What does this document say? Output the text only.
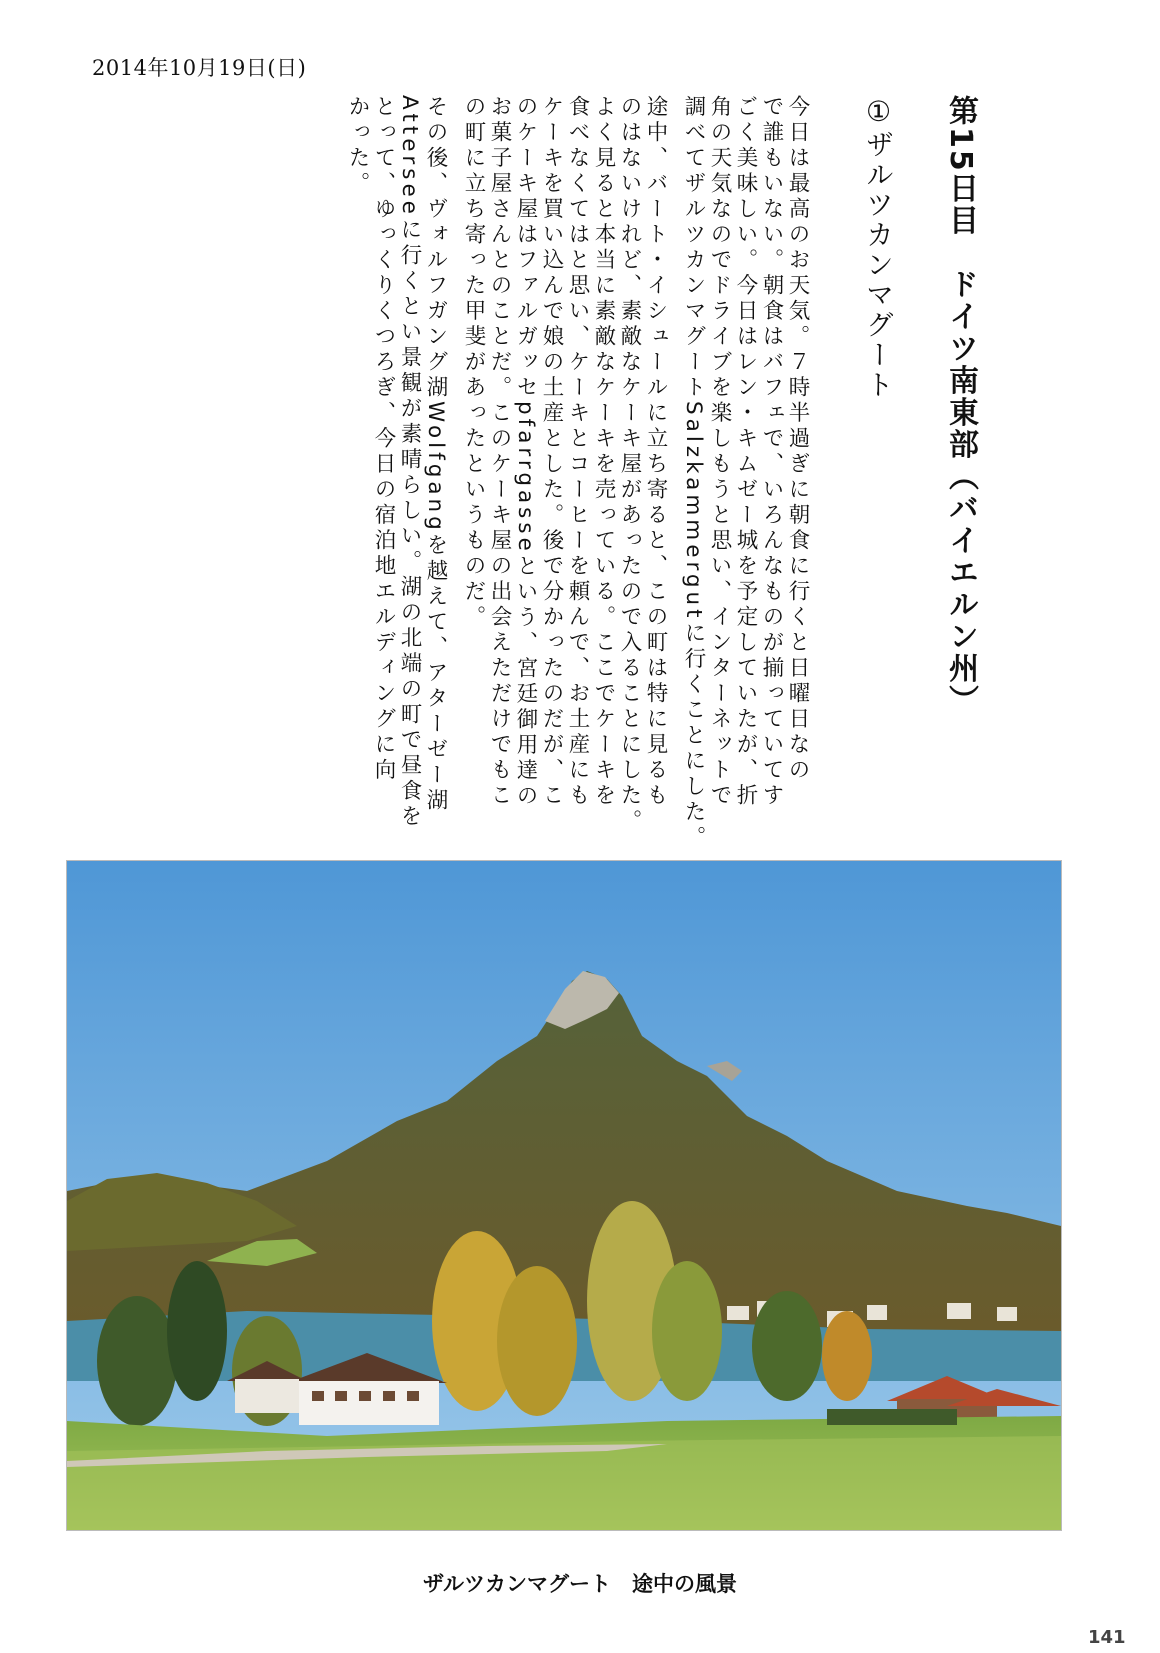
2014年10月19日(日)
第15日目　ドイツ南東部（バイエルン州）
①ザルツカンマグート
今日は最高のお天気。７時半過ぎに朝食に行くと日曜日なの
で誰もいない。朝食はバフェで、いろんなものが揃っていてす
ごく美味しい。今日はレン・キムゼー城を予定していたが、折
角の天気なのでドライブを楽しもうと思い、インターネットで
調べてザルツカンマグートSalzkammergutに行くことにした。
途中、バート・イシュールに立ち寄ると、この町は特に見るも
のはないけれど、素敵なケーキ屋があったので入ることにした。
よく見ると本当に素敵なケーキを売っている。ここでケーキを
食べなくてはと思い、ケーキとコーヒーを頼んで、お土産にも
ケーキを買い込んで娘の土産とした。後で分かったのだが、こ
のケーキ屋はファルガッセpfarrgasseという、宮廷御用達の
お菓子屋さんとのことだ。このケーキ屋の出会えただけでもこ
の町に立ち寄った甲斐があったというものだ。
その後、ヴォルフガング湖Wolfgangを越えて、アターゼー湖
Atterseeに行くとい景観が素晴らしい。湖の北端の町で昼食を
とって、ゆっくりくつろぎ、今日の宿泊地エルディングに向
かった。
ザルツカンマグート　途中の風景
141
